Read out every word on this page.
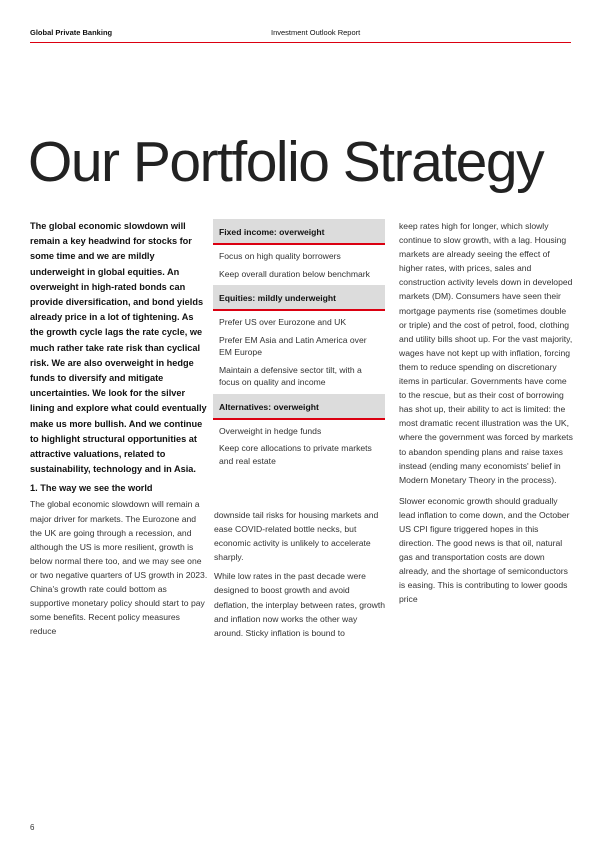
Global Private Banking	Investment Outlook Report
Our Portfolio Strategy

The global economic slowdown will remain a key headwind for stocks for some time and we are mildly underweight in global equities. An overweight in high-rated bonds can provide diversification, and bond yields already price in a lot of tightening. As the growth cycle lags the rate cycle, we much rather take rate risk than cyclical risk. We are also overweight in hedge funds to diversify and mitigate uncertainties. We look for the silver lining and explore what could eventually make us more bullish. And we continue to highlight structural opportunities at attractive valuations, related to sustainability, technology and in Asia.

1. The way we see the world

The global economic slowdown will remain a major driver for markets. The Eurozone and the UK are going through a recession, and although the US is more resilient, growth is below normal there too, and we may see one or two negative quarters of US growth in 2023. China's growth rate could bottom as supportive monetary policy should start to pay some benefits. Recent policy measures reduce

Fixed income: overweight
Focus on high quality borrowers
Keep overall duration below benchmark
Equities: mildly underweight
Prefer US over Eurozone and UK
Prefer EM Asia and Latin America over EM Europe
Maintain a defensive sector tilt, with a focus on quality and income
Alternatives: overweight
Overweight in hedge funds
Keep core allocations to private markets and real estate

downside tail risks for housing markets and ease COVID-related bottle necks, but economic activity is unlikely to accelerate sharply.

While low rates in the past decade were designed to boost growth and avoid deflation, the interplay between rates, growth and inflation now works the other way around. Sticky inflation is bound to

keep rates high for longer, which slowly continue to slow growth, with a lag. Housing markets are already seeing the effect of higher rates, with prices, sales and construction activity levels down in developed markets (DM). Consumers have seen their mortgage payments rise (sometimes double or triple) and the cost of petrol, food, clothing and utility bills shoot up. For the vast majority, wages have not kept up with inflation, forcing them to reduce spending on discretionary items in particular. Governments have come to the rescue, but as their cost of borrowing has shot up, their ability to act is limited: the most dramatic recent illustration was the UK, where the government was forced by markets to abandon spending plans and raise taxes instead (ending many economists' belief in Modern Monetary Theory in the process).

Slower economic growth should gradually lead inflation to come down, and the October US CPI figure triggered hopes in this direction. The good news is that oil, natural gas and transportation costs are down already, and the shortage of semiconductors is easing. This is contributing to lower goods price

6
